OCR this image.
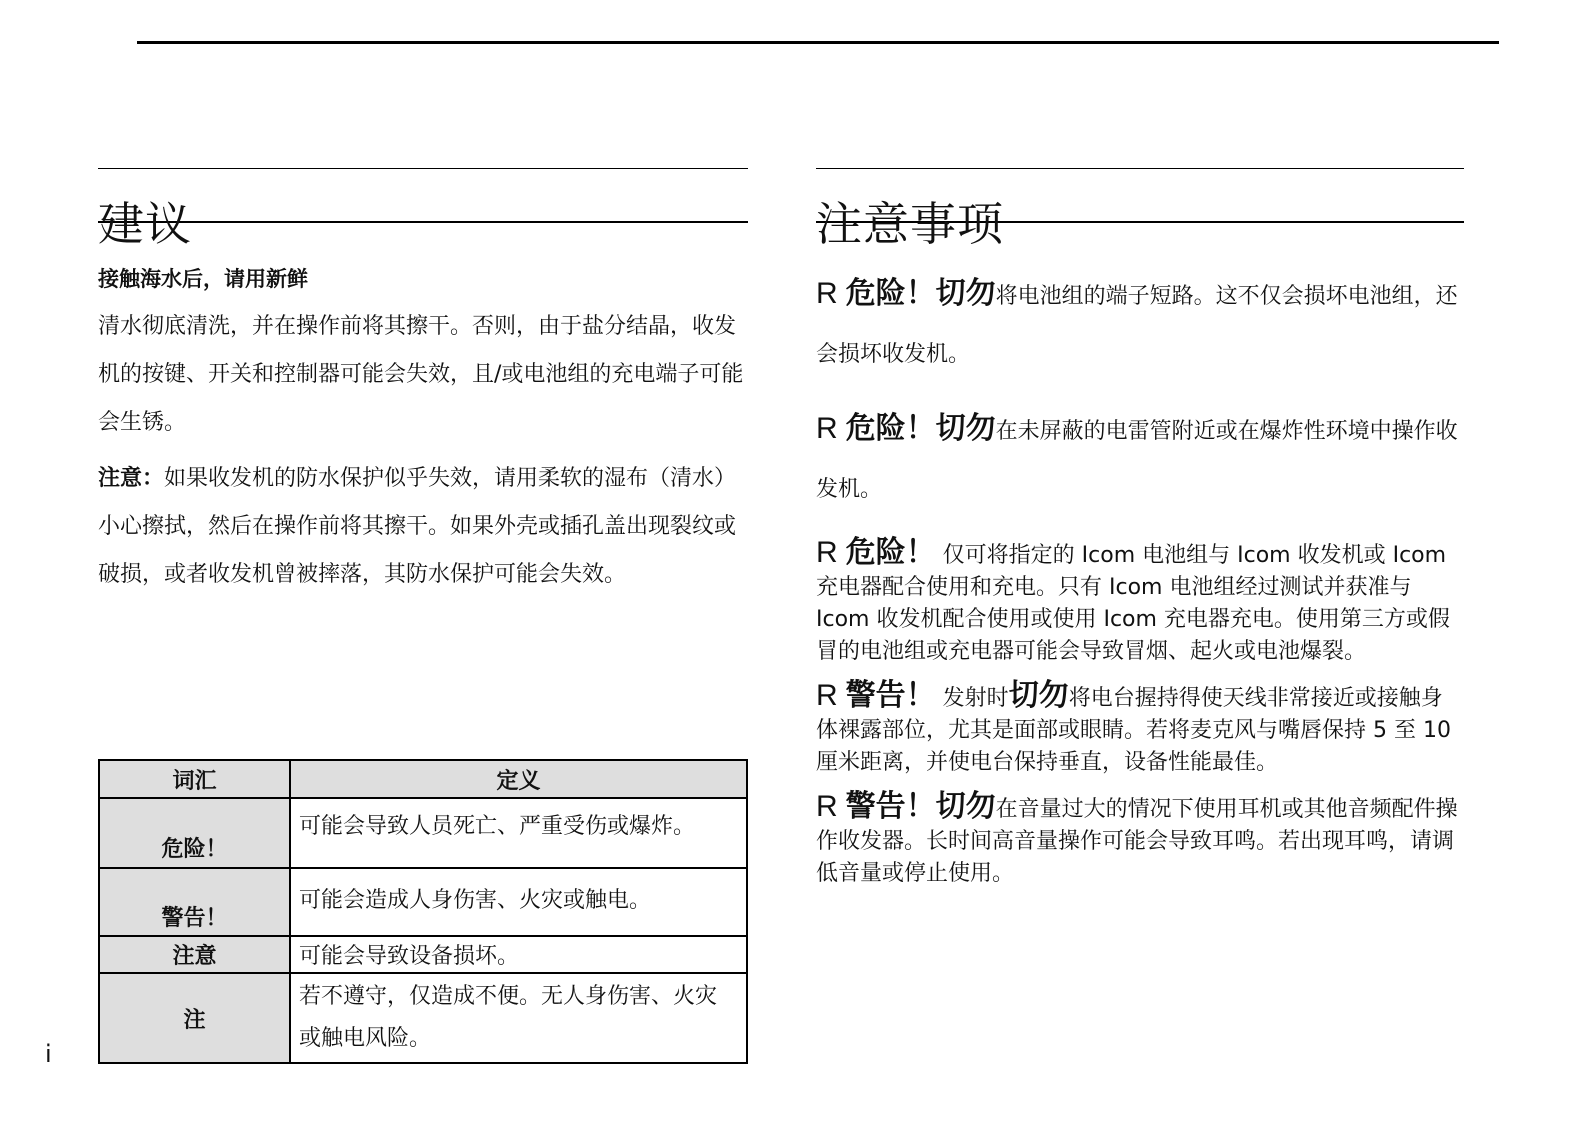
建议

接触海水后，请用新鲜

清水彻底清洗，并在操作前将其擦干。否则，由于盐分结晶，收发机的按键、开关和控制器可能会失效，且/或电池组的充电端子可能会生锈。

注意：如果收发机的防水保护似乎失效，请用柔软的湿布（清水）小心擦拭，然后在操作前将其擦干。如果外壳或插孔盖出现裂纹或破损，或者收发机曾被摔落，其防水保护可能会失效。

词汇	定义
危险！	可能会导致人员死亡、严重受伤或爆炸。
警告！	可能会造成人身伤害、火灾或触电。
注意	可能会导致设备损坏。
注	若不遵守，仅造成不便。无人身伤害、火灾或触电风险。
注意事项

R 危险！切勿将电池组的端子短路。这不仅会损坏电池组，还会损坏收发机。

R 危险！切勿在未屏蔽的电雷管附近或在爆炸性环境中操作收发机。

R 危险！ 仅可将指定的 Icom 电池组与 Icom 收发机或 Icom 充电器配合使用和充电。只有 Icom 电池组经过测试并获准与 Icom 收发机配合使用或使用 Icom 充电器充电。使用第三方或假冒的电池组或充电器可能会导致冒烟、起火或电池爆裂。

R 警告！ 发射时切勿将电台握持得使天线非常接近或接触身体裸露部位，尤其是面部或眼睛。若将麦克风与嘴唇保持 5 至 10 厘米距离，并使电台保持垂直，设备性能最佳。

R 警告！切勿在音量过大的情况下使用耳机或其他音频配件操作收发器。长时间高音量操作可能会导致耳鸣。若出现耳鸣，请调低音量或停止使用。

i
